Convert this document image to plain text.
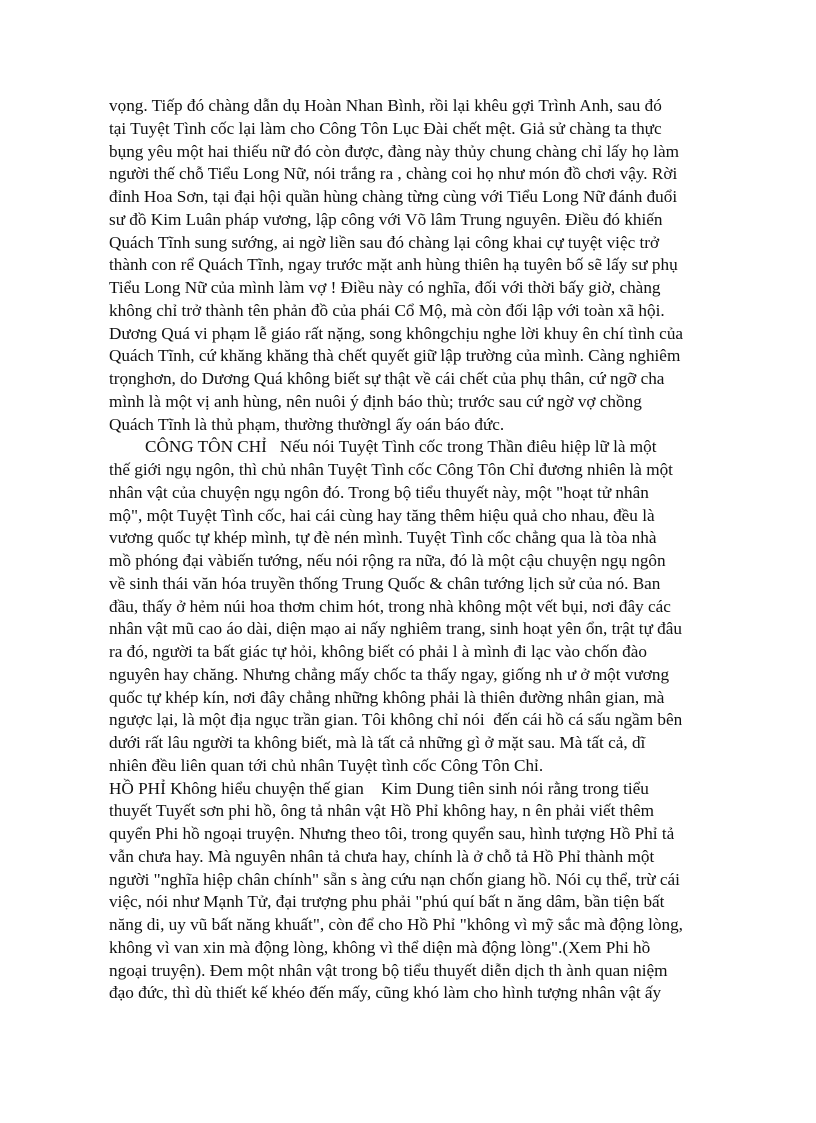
vọng. Tiếp đó chàng dẫn dụ Hoàn Nhan Bình, rồi lại khêu gợi Trình Anh, sau đó
tại Tuyệt Tình cốc lại làm cho Công Tôn Lục Đài chết mệt. Giả sử chàng ta thực
bụng yêu một hai thiếu nữ đó còn được, đàng này thủy chung chàng chỉ lấy họ làm
người thế chỗ Tiểu Long Nữ, nói trắng ra , chàng coi họ như món đồ chơi vậy. Rời
đỉnh Hoa Sơn, tại đại hội quần hùng chàng từng cùng với Tiểu Long Nữ đánh đuổi
sư đồ Kim Luân pháp vương, lập công với Võ lâm Trung nguyên. Điều đó khiến
Quách Tĩnh sung sướng, ai ngờ liền sau đó chàng lại công khai cự tuyệt việc trở
thành con rể Quách Tĩnh, ngay trước mặt anh hùng thiên hạ tuyên bố sẽ lấy sư phụ
Tiểu Long Nữ của mình làm vợ ! Điều này có nghĩa, đối với thời bấy giờ, chàng
không chỉ trở thành tên phản đồ của phái Cổ Mộ, mà còn đối lập với toàn xã hội.
Dương Quá vi phạm lễ giáo rất nặng, song khôngchịu nghe lời khuy ên chí tình của
Quách Tĩnh, cứ khăng khăng thà chết quyết giữ lập trường của mình. Càng nghiêm
trọnghơn, do Dương Quá không biết sự thật về cái chết của phụ thân, cứ ngỡ cha
mình là một vị anh hùng, nên nuôi ý định báo thù; trước sau cứ ngờ vợ chồng
Quách Tĩnh là thủ phạm, thường thườngl ấy oán báo đức.
CÔNG TÔN CHỈ   Nếu nói Tuyệt Tình cốc trong Thần điêu hiệp lữ là một
thế giới ngụ ngôn, thì chủ nhân Tuyệt Tình cốc Công Tôn Chỉ đương nhiên là một
nhân vật của chuyện ngụ ngôn đó. Trong bộ tiểu thuyết này, một "hoạt tử nhân
mộ", một Tuyệt Tình cốc, hai cái cùng hay tăng thêm hiệu quả cho nhau, đều là
vương quốc tự khép mình, tự đè nén mình. Tuyệt Tình cốc chẳng qua là tòa nhà
mồ phóng đại vàbiến tướng, nếu nói rộng ra nữa, đó là một cậu chuyện ngụ ngôn
về sinh thái văn hóa truyền thống Trung Quốc & chân tướng lịch sử của nó. Ban
đầu, thấy ở hẻm núi hoa thơm chim hót, trong nhà không một vết bụi, nơi đây các
nhân vật mũ cao áo dài, diện mạo ai nấy nghiêm trang, sinh hoạt yên ổn, trật tự đâu
ra đó, người ta bất giác tự hỏi, không biết có phải l à mình đi lạc vào chốn đào
nguyên hay chăng. Nhưng chẳng mấy chốc ta thấy ngay, giống nh ư ở một vương
quốc tự khép kín, nơi đây chẳng những không phải là thiên đường nhân gian, mà
ngược lại, là một địa ngục trần gian. Tôi không chỉ nói  đến cái hồ cá sấu ngầm bên
dưới rất lâu người ta không biết, mà là tất cả những gì ở mặt sau. Mà tất cả, dĩ
nhiên đều liên quan tới chủ nhân Tuyệt tình cốc Công Tôn Chỉ.
HỒ PHỈ Không hiểu chuyện thế gian    Kim Dung tiên sinh nói rằng trong tiểu
thuyết Tuyết sơn phi hồ, ông tả nhân vật Hồ Phỉ không hay, n ên phải viết thêm
quyển Phi hồ ngoại truyện. Nhưng theo tôi, trong quyển sau, hình tượng Hồ Phỉ tả
vẫn chưa hay. Mà nguyên nhân tả chưa hay, chính là ở chỗ tả Hồ Phỉ thành một
người "nghĩa hiệp chân chính" sẵn s àng cứu nạn chốn giang hồ. Nói cụ thể, trừ cái
việc, nói như Mạnh Tử, đại trượng phu phải "phú quí bất n ăng dâm, bần tiện bất
năng di, uy vũ bất năng khuất", còn để cho Hồ Phỉ "không vì mỹ sắc mà động lòng,
không vì van xin mà động lòng, không vì thể diện mà động lòng".(Xem Phi hồ
ngoại truyện). Đem một nhân vật trong bộ tiểu thuyết diễn dịch th ành quan niệm
đạo đức, thì dù thiết kế khéo đến mấy, cũng khó làm cho hình tượng nhân vật ấy
